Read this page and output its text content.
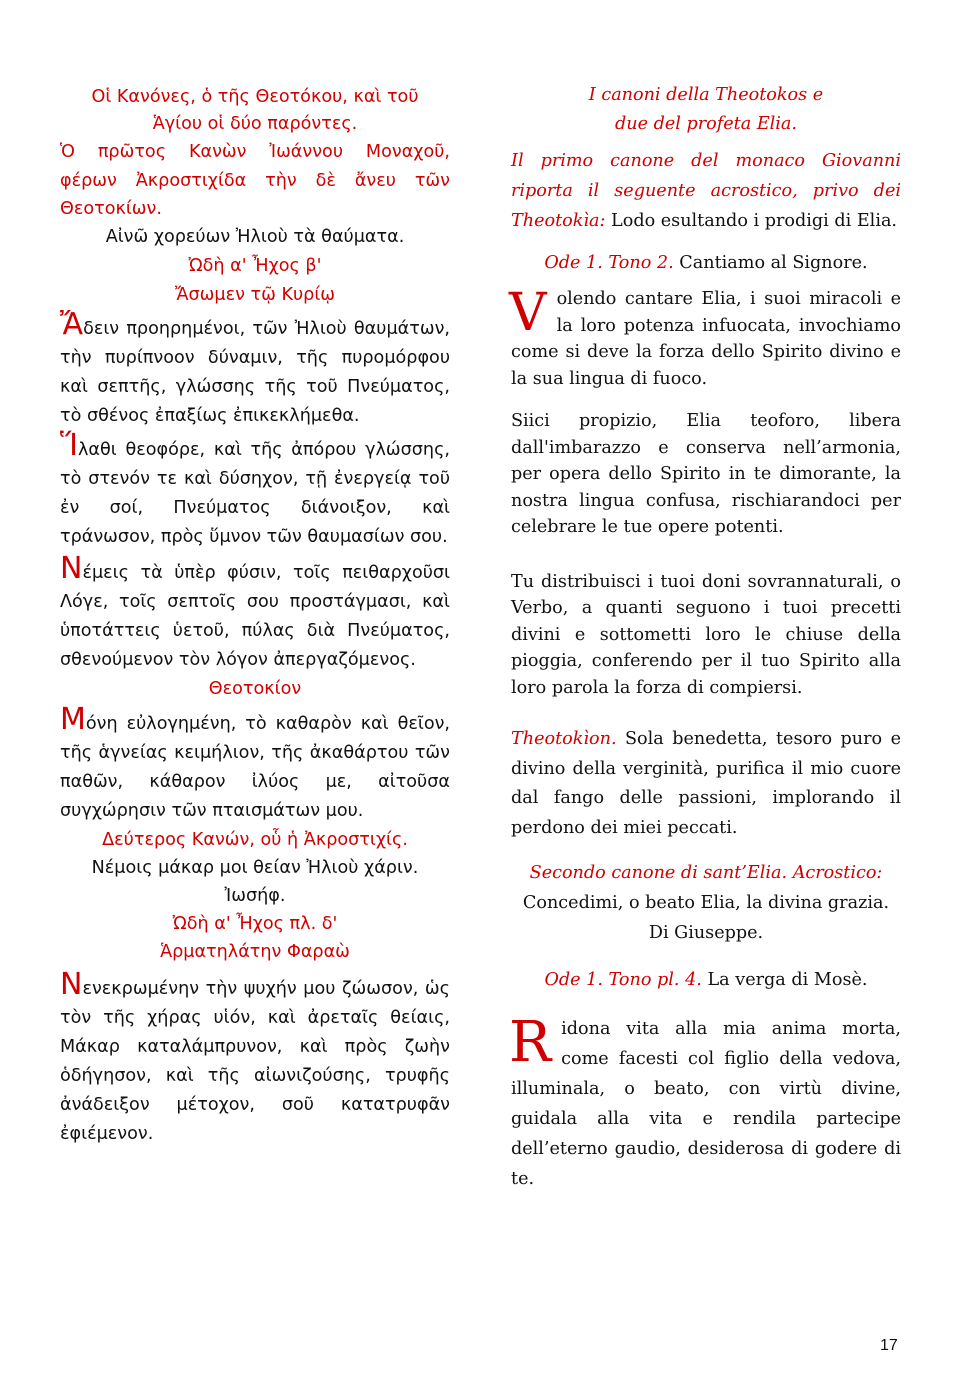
Οἱ Κανόνες, ὁ τῆς Θεοτόκου, καὶ τοῦ

Ἁγίου οἱ δύο παρόντες.

Ὁ πρῶτος Κανὼν Ἰωάννου Μοναχοῦ,

φέρων Ἀκροστιχίδα τὴν δὲ ἄνευ τῶν

Θεοτοκίων.

Αἰνῶ χορεύων Ἠλιοὺ τὰ θαύματα.

Ὠδὴ α' Ἦχος β'

Ἄσωμεν τῷ Κυρίῳ

Ἄδειν προηρημένοι, τῶν Ἠλιοὺ θαυμάτων, τὴν πυρίπνοον δύναμιν, τῆς πυρομόρφου καὶ σεπτῆς, γλώσσης τῆς τοῦ Πνεύματος, τὸ σθένος ἐπαξίως ἐπικεκλήμεθα.

Ἵλαθι θεοφόρε, καὶ τῆς ἀπόρου γλώσσης, τὸ στενόν τε καὶ δύσηχον, τῇ ἐνεργείᾳ τοῦ ἐν σοί, Πνεύματος διάνοιξον, καὶ τράνωσον, πρὸς ὕμνον τῶν θαυμασίων σου.

Νέμεις τὰ ὑπὲρ φύσιν, τοῖς πειθαρχοῦσι Λόγε, τοῖς σεπτοῖς σου προστάγμασι, καὶ ὑποτάττεις ὑετοῦ, πύλας διὰ Πνεύματος, σθενούμενον τὸν λόγον ἀπεργαζόμενος.

Θεοτοκίον

Μόνη εὐλογημένη, τὸ καθαρὸν καὶ θεῖον, τῆς ἁγνείας κειμήλιον, τῆς ἀκαθάρτου τῶν παθῶν, κάθαρον ἰλύος με, αἰτοῦσα συγχώρησιν τῶν πταισμάτων μου.

Δεύτερος Κανών, οὗ ἡ Ἀκροστιχίς.

Νέμοις μάκαρ μοι θείαν Ἠλιοὺ χάριν.

Ἰωσήφ.

Ὠδὴ α' Ἦχος πλ. δ'

Ἁρματηλάτην Φαραὼ

Νενεκρωμένην τὴν ψυχήν μου ζώωσον, ὡς τὸν τῆς χήρας υἱόν, καὶ ἀρεταῖς θείαις, Μάκαρ καταλάμπρυνον, καὶ πρὸς ζωὴν ὁδήγησον, καὶ τῆς αἰωνιζούσης, τρυφῆς ἀνάδειξον μέτοχον, σοῦ κατατρυφᾶν ἐφιέμενον.

I canoni della Theotokos e

due del profeta Elia.

Il primo canone del monaco Giovanni riporta il seguente acrostico, privo dei Theotokìa: Lodo esultando i prodigi di Elia.

Ode 1. Tono 2. Cantiamo al Signore.

Volendo cantare Elia, i suoi miracoli e la loro potenza infuocata, invochiamo come si deve la forza dello Spirito divino e la sua lingua di fuoco.

Siici propizio, Elia teoforo, libera dall'imbarazzo e conserva nell’armonia, per opera dello Spirito in te dimorante, la nostra lingua confusa, rischiarandoci per celebrare le tue opere potenti.

Tu distribuisci i tuoi doni sovrannaturali, o Verbo, a quanti seguono i tuoi precetti divini e sottometti loro le chiuse della pioggia, conferendo per il tuo Spirito alla loro parola la forza di compiersi.

Theotokìon. Sola benedetta, tesoro puro e divino della verginità, purifica il mio cuore dal fango delle passioni, implorando il perdono dei miei peccati.

Secondo canone di sant’Elia. Acrostico:

Concedimi, o beato Elia, la divina grazia.

Di Giuseppe.

Ode 1. Tono pl. 4. La verga di Mosè.

Ridona vita alla mia anima morta, come facesti col figlio della vedova, illuminala, o beato, con virtù divine, guidala alla vita e rendila partecipe dell’eterno gaudio, desiderosa di godere di te.

17
